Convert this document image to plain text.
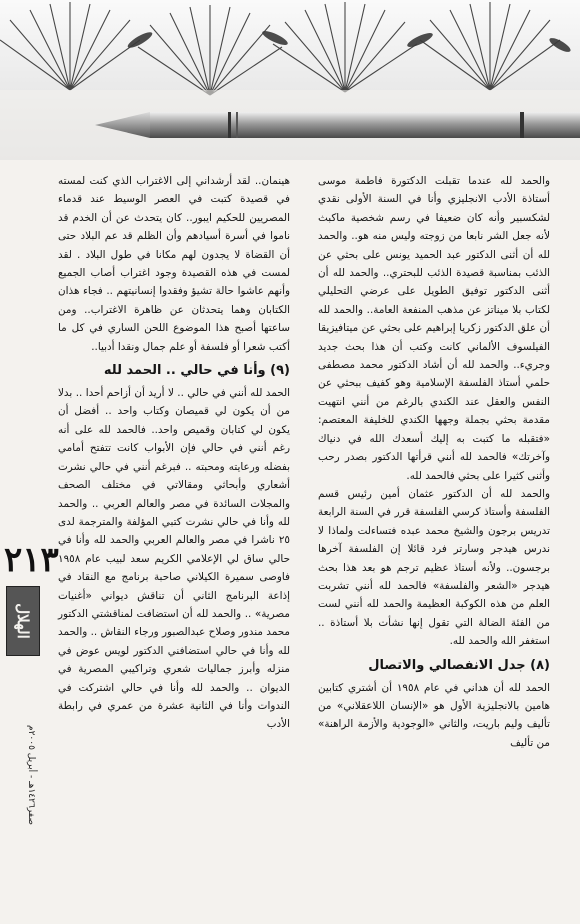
والحمد لله عندما تقبلت الدكتورة فاطمة موسى أستاذة الأدب الانجليزي وأنا في السنة الأولى نقدي لشكسبير وأنه كان ضعيفا في رسم شخصية ماكبث لأنه جعل الشر نابعا من زوجته وليس منه هو.. والحمد لله أن أثنى الدكتور عبد الحميد يونس على بحثي عن الذئب بمناسبة قصيدة الذئب للبحتري.. والحمد لله أن أثنى الدكتور توفيق الطويل على عرضي التحليلي لكتاب بلا ميناتز عن مذهب المنفعة العامة.. والحمد لله أن علق الدكتور زكريا إبراهيم على بحثي عن ميتافيزيقا الفيلسوف الألماني كانت وكتب أن هذا بحث جديد وجريء.. والحمد لله أن أشاد الدكتور محمد مصطفى حلمي أستاذ الفلسفة الإسلامية وهو كفيف ببحثي عن النفس والعقل عند الكندي بالرغم من أنني انتهيت مقدمة بحثي بجملة وجهها الكندي للخليفة المعتصم: «فتقبله ما كتبت به إليك أسعدك الله في دنياك وآخرتك» فالحمد لله أنني قرأتها الدكتور بصدر رحب وأثنى كثيرا على بحثي فالحمد لله.

والحمد لله أن الدكتور عثمان أمين رئيس قسم الفلسفة وأستاذ كرسي الفلسفة قرر في السنة الرابعة تدريس برجون والشيخ محمد عبده فتساءلت ولماذا لا ندرس هيدجر وسارتر فرد قائلا إن الفلسفة آخرها برجسون.. ولأنه أستاذ عظيم ترجم هو بعد هذا بحث هيدجر «الشعر والفلسفة» فالحمد لله أنني تشربت العلم من هذه الكوكبة العظيمة والحمد لله أنني لست من الفئة الضالة التي تقول إنها نشأت بلا أستاذة .. استغفر الله والحمد لله.

(٨) جدل الانفصالي والاتصال

الحمد لله أن هداني في عام ١٩٥٨ أن أشتري كتابين هامين بالانجليزية الأول هو «الإنسان اللاعقلاني» من تأليف وليم باريت، والثاني «الوجودية والأزمة الراهنة» من تأليف

هينمان.. لقد أرشداني إلى الاغتراب الذي كنت لمسته في قصيدة كتبت في العصر الوسيط عند قدماء المصريين للحكيم ايبور.. كان يتحدث عن أن الخدم قد ناموا في أسرة أسيادهم وأن الظلم قد عم البلاد حتى أن القضاة لا يجدون لهم مكانا في طول البلاد . لقد لمست في هذه القصيدة وجود اغتراب أصاب الجميع وأنهم عاشوا حالة تشيؤ وفقدوا إنسانيتهم .. فجاء هذان الكتابان وهما يتحدثان عن ظاهرة الاغتراب.. ومن ساعتها أصبح هذا الموضوع اللحن الساري في كل ما أكتب شعرا أو فلسفة أو علم جمال ونقدا أدبيا..

(٩) وأنا في حالي .. الحمد لله

الحمد لله أنني في حالي .. لا أريد أن أزاحم أحدا .. بدلا من أن يكون لي قميصان وكتاب واحد .. أفضل أن يكون لي كتابان وقميص واحد.. فالحمد لله على أنه رغم أنني في حالي فإن الأبواب كانت تتفتح أمامي بفضله ورعايته ومحبته .. فبرغم أنني في حالي نشرت أشعاري وأبحاثي ومقالاتي في مختلف الصحف والمجلات السائدة في مصر والعالم العربي .. والحمد لله وأنا في حالي نشرت كتبي المؤلفة والمترجمة لدى ٢٥ ناشرا في مصر والعالم العربي والحمد لله وأنا في حالي ساق لي الإعلامي الكريم سعد لبيب عام ١٩٥٨ فاوصى سميرة الكيلاني صاحبة برنامج مع النقاد في إذاعة البرنامج الثاني أن تناقش ديواني «أغنيات مصرية» .. والحمد لله أن استضافت لمناقشتي الدكتور محمد مندور وصلاح عبدالصبور ورجاء النقاش .. والحمد لله وأنا في حالي استضافني الدكتور لويس عوض في منزله وأبرز جماليات شعري وتراكيبي المصرية في الديوان .. والحمد لله وأنا في حالي اشتركت في الندوات وأنا في الثانية عشرة من عمري في رابطة الأدب

٢١٣
الهلال
صفر١٤٢٦هـ - أبريل ٢٠٠٥م
